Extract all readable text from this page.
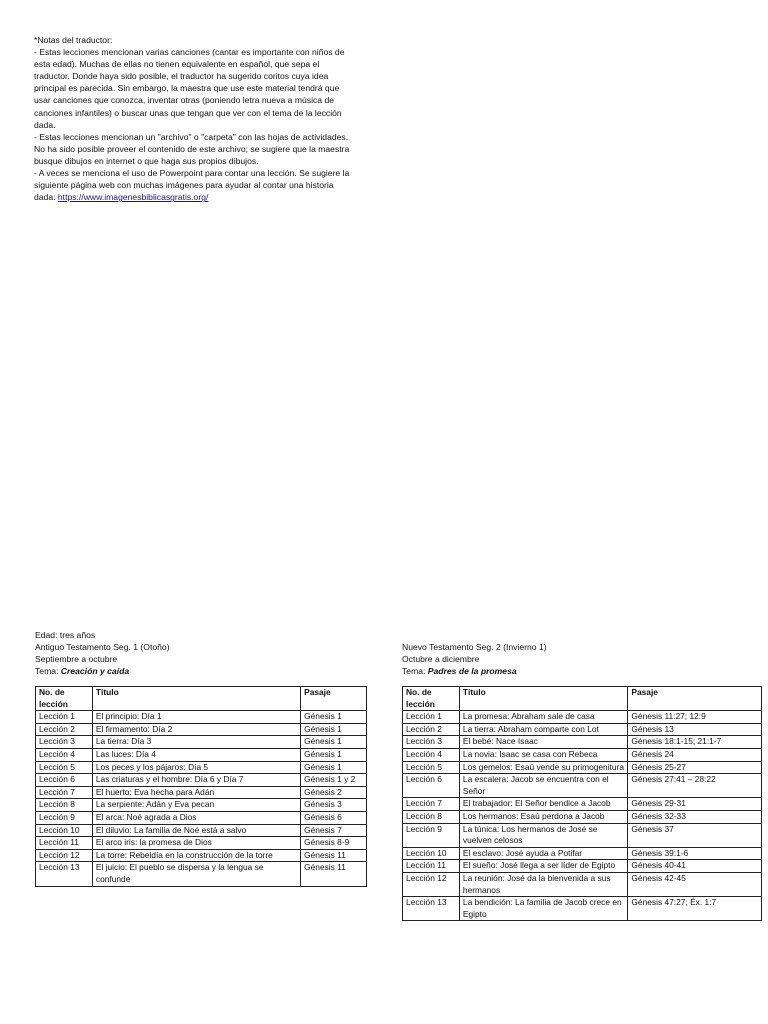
*Notas del traductor:
- Estas lecciones mencionan varias canciones (cantar es importante con niños de
esta edad). Muchas de ellas no tienen equivalente en español, que sepa el
traductor. Donde haya sido posible, el traductor ha sugerido coritos cuya idea
principal es parecida. Sin embargo, la maestra que use este material tendrá que
usar canciones que conozca, inventar otras (poniendo letra nueva a música de
canciones infantiles) o buscar unas que tengan que ver con el tema de la lección
dada.
- Estas lecciones mencionan un "archivo" o "carpeta" con las hojas de actividades.
No ha sido posible proveer el contenido de este archivo; se sugiere que la maestra
busque dibujos en internet o que haga sus propios dibujos.
- A veces se menciona el uso de Powerpoint para contar una lección. Se sugiere la
siguiente página web con muchas imágenes para ayudar al contar una historia
dada: https://www.imagenesbiblicasgratis.org/
Edad: tres años
Antiguo Testamento Seg. 1 (Otoño)
Septiembre a octubre
Tema: Creación y caída
Nuevo Testamento Seg. 2 (Invierno 1)
Octubre a diciembre
Tema: Padres de la promesa
No. de lección	Título	Pasaje
Lección 1	El principio: Día 1	Génesis 1
Lección 2	El firmamento: Día 2	Génesis 1
Lección 3	La tierra: Día 3	Génesis 1
Lección 4	Las luces: Día 4	Génesis 1
Lección 5	Los peces y los pájaros: Día 5	Génesis 1
Lección 6	Las criaturas y el hombre: Día 6 y Día 7	Génesis 1 y 2
Lección 7	El huerto: Eva hecha para Adán	Génesis 2
Lección 8	La serpiente: Adán y Eva pecan	Génesis 3
Lección 9	El arca: Noé agrada a Dios	Génesis 6
Lección 10	El diluvio: La familia de Noé está a salvo	Génesis 7
Lección 11	El arco iris: la promesa de Dios	Génesis 8-9
Lección 12	La torre: Rebeldía en la construcción de la torre	Génesis 11
Lección 13	El juicio: El pueblo se dispersa y la lengua se confunde	Génesis 11
No. de lección	Título	Pasaje
Lección 1	La promesa: Abraham sale de casa	Génesis 11:27; 12:9
Lección 2	La tierra: Abraham comparte con Lot	Génesis 13
Lección 3	El bebé: Nace Isaac	Génesis 18:1-15; 21:1-7
Lección 4	La novia: Isaac se casa con Rebeca	Génesis 24
Lección 5	Los gemelos: Esaú vende su primogenitura	Génesis 25-27
Lección 6	La escalera: Jacob se encuentra con el Señor	Génesis 27:41 – 28:22
Lección 7	El trabajador: El Señor bendice a Jacob	Génesis 29-31
Lección 8	Los hermanos: Esaú perdona a Jacob	Génesis 32-33
Lección 9	La túnica: Los hermanos de José se vuelven celosos	Génesis 37
Lección 10	El esclavo: José ayuda a Potifar	Génesis 39:1-6
Lección 11	El sueño: José llega a ser líder de Egipto	Génesis 40-41
Lección 12	La reunión: José da la bienvenida a sus hermanos	Génesis 42-45
Lección 13	La bendición: La familia de Jacob crece en Egipto	Génesis 47:27; Éx. 1:7
